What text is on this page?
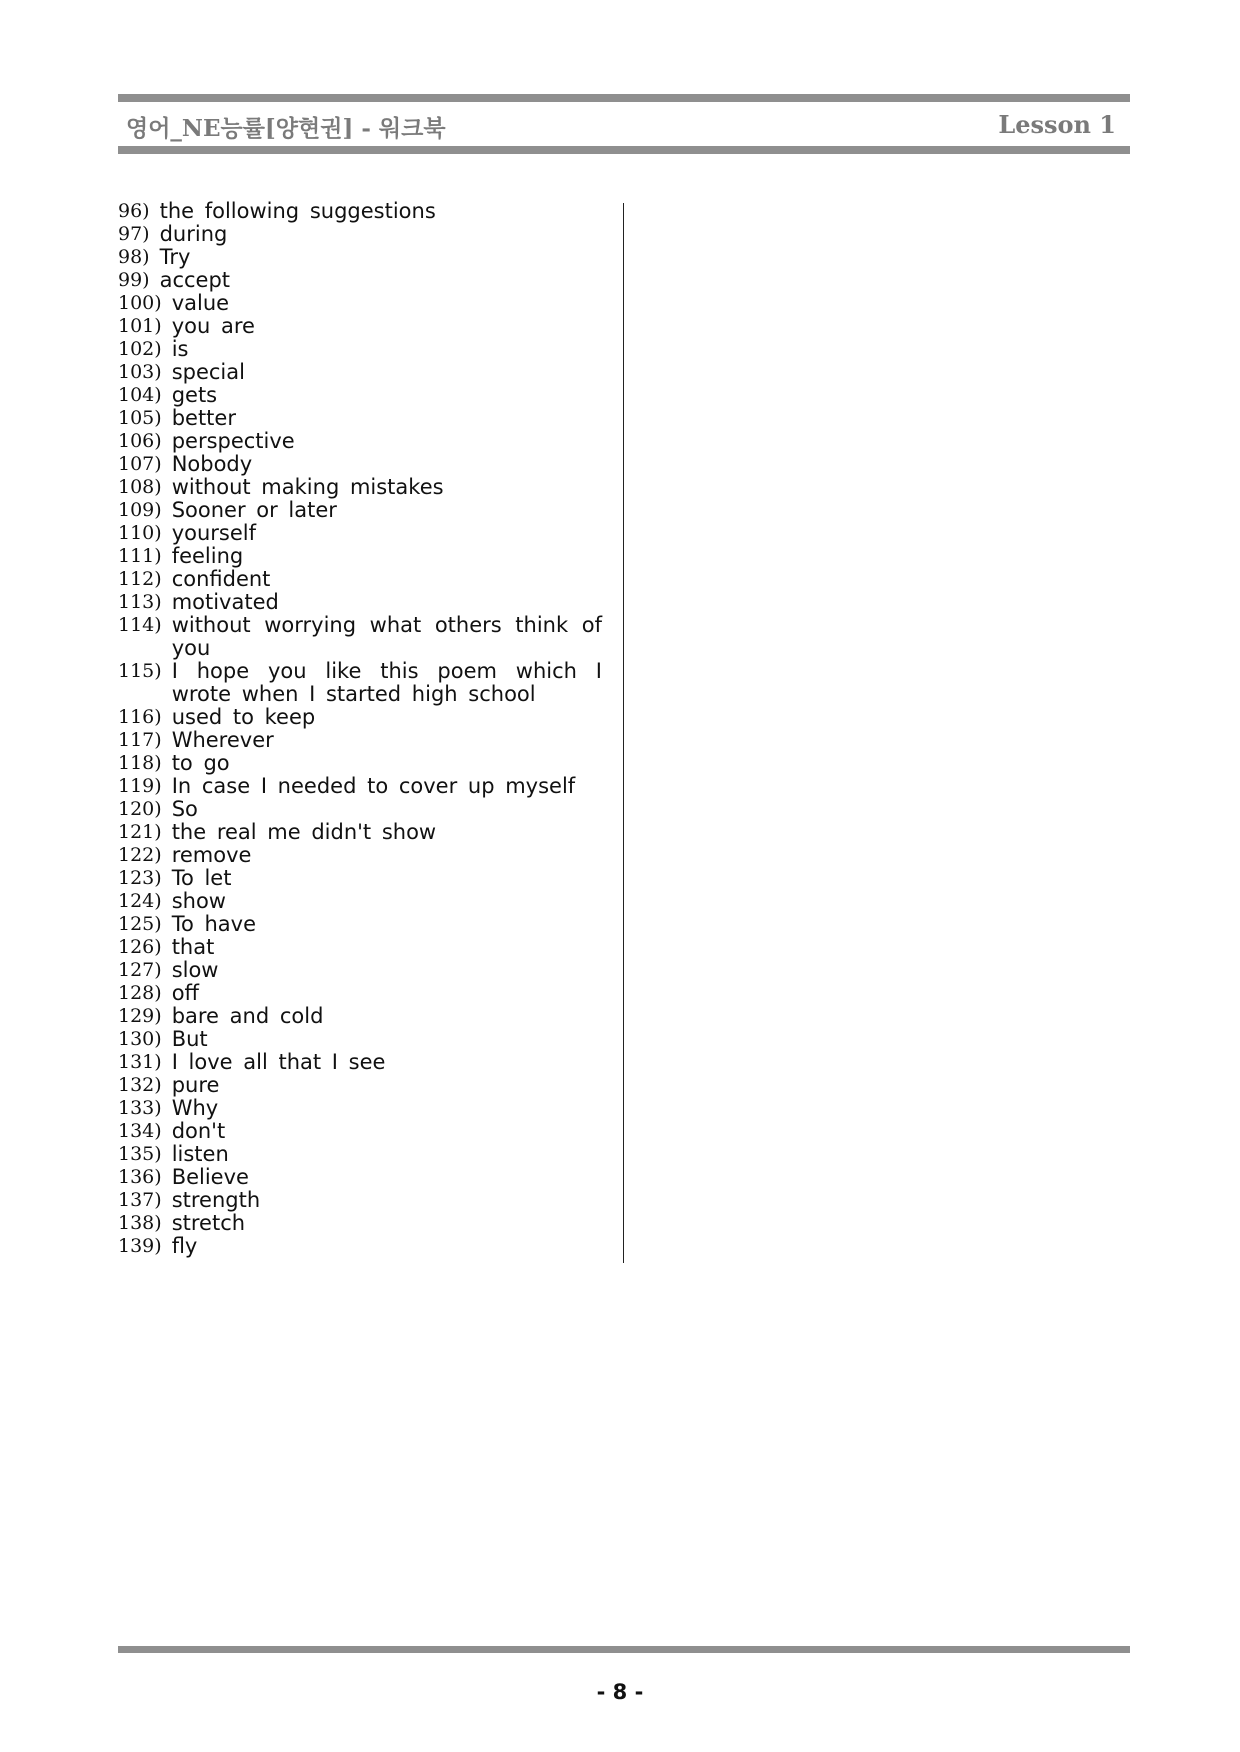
영어_NE능률[양현권] - 워크북	Lesson 1
96) the following suggestions
97) during
98) Try
99) accept
100) value
101) you are
102) is
103) special
104) gets
105) better
106) perspective
107) Nobody
108) without making mistakes
109) Sooner or later
110) yourself
111) feeling
112) confident
113) motivated
114) without worrying what others think of you
115) I hope you like this poem which I wrote when I started high school
116) used to keep
117) Wherever
118) to go
119) In case I needed to cover up myself
120) So
121) the real me didn't show
122) remove
123) To let
124) show
125) To have
126) that
127) slow
128) off
129) bare and cold
130) But
131) I love all that I see
132) pure
133) Why
134) don't
135) listen
136) Believe
137) strength
138) stretch
139) fly
- 8 -
